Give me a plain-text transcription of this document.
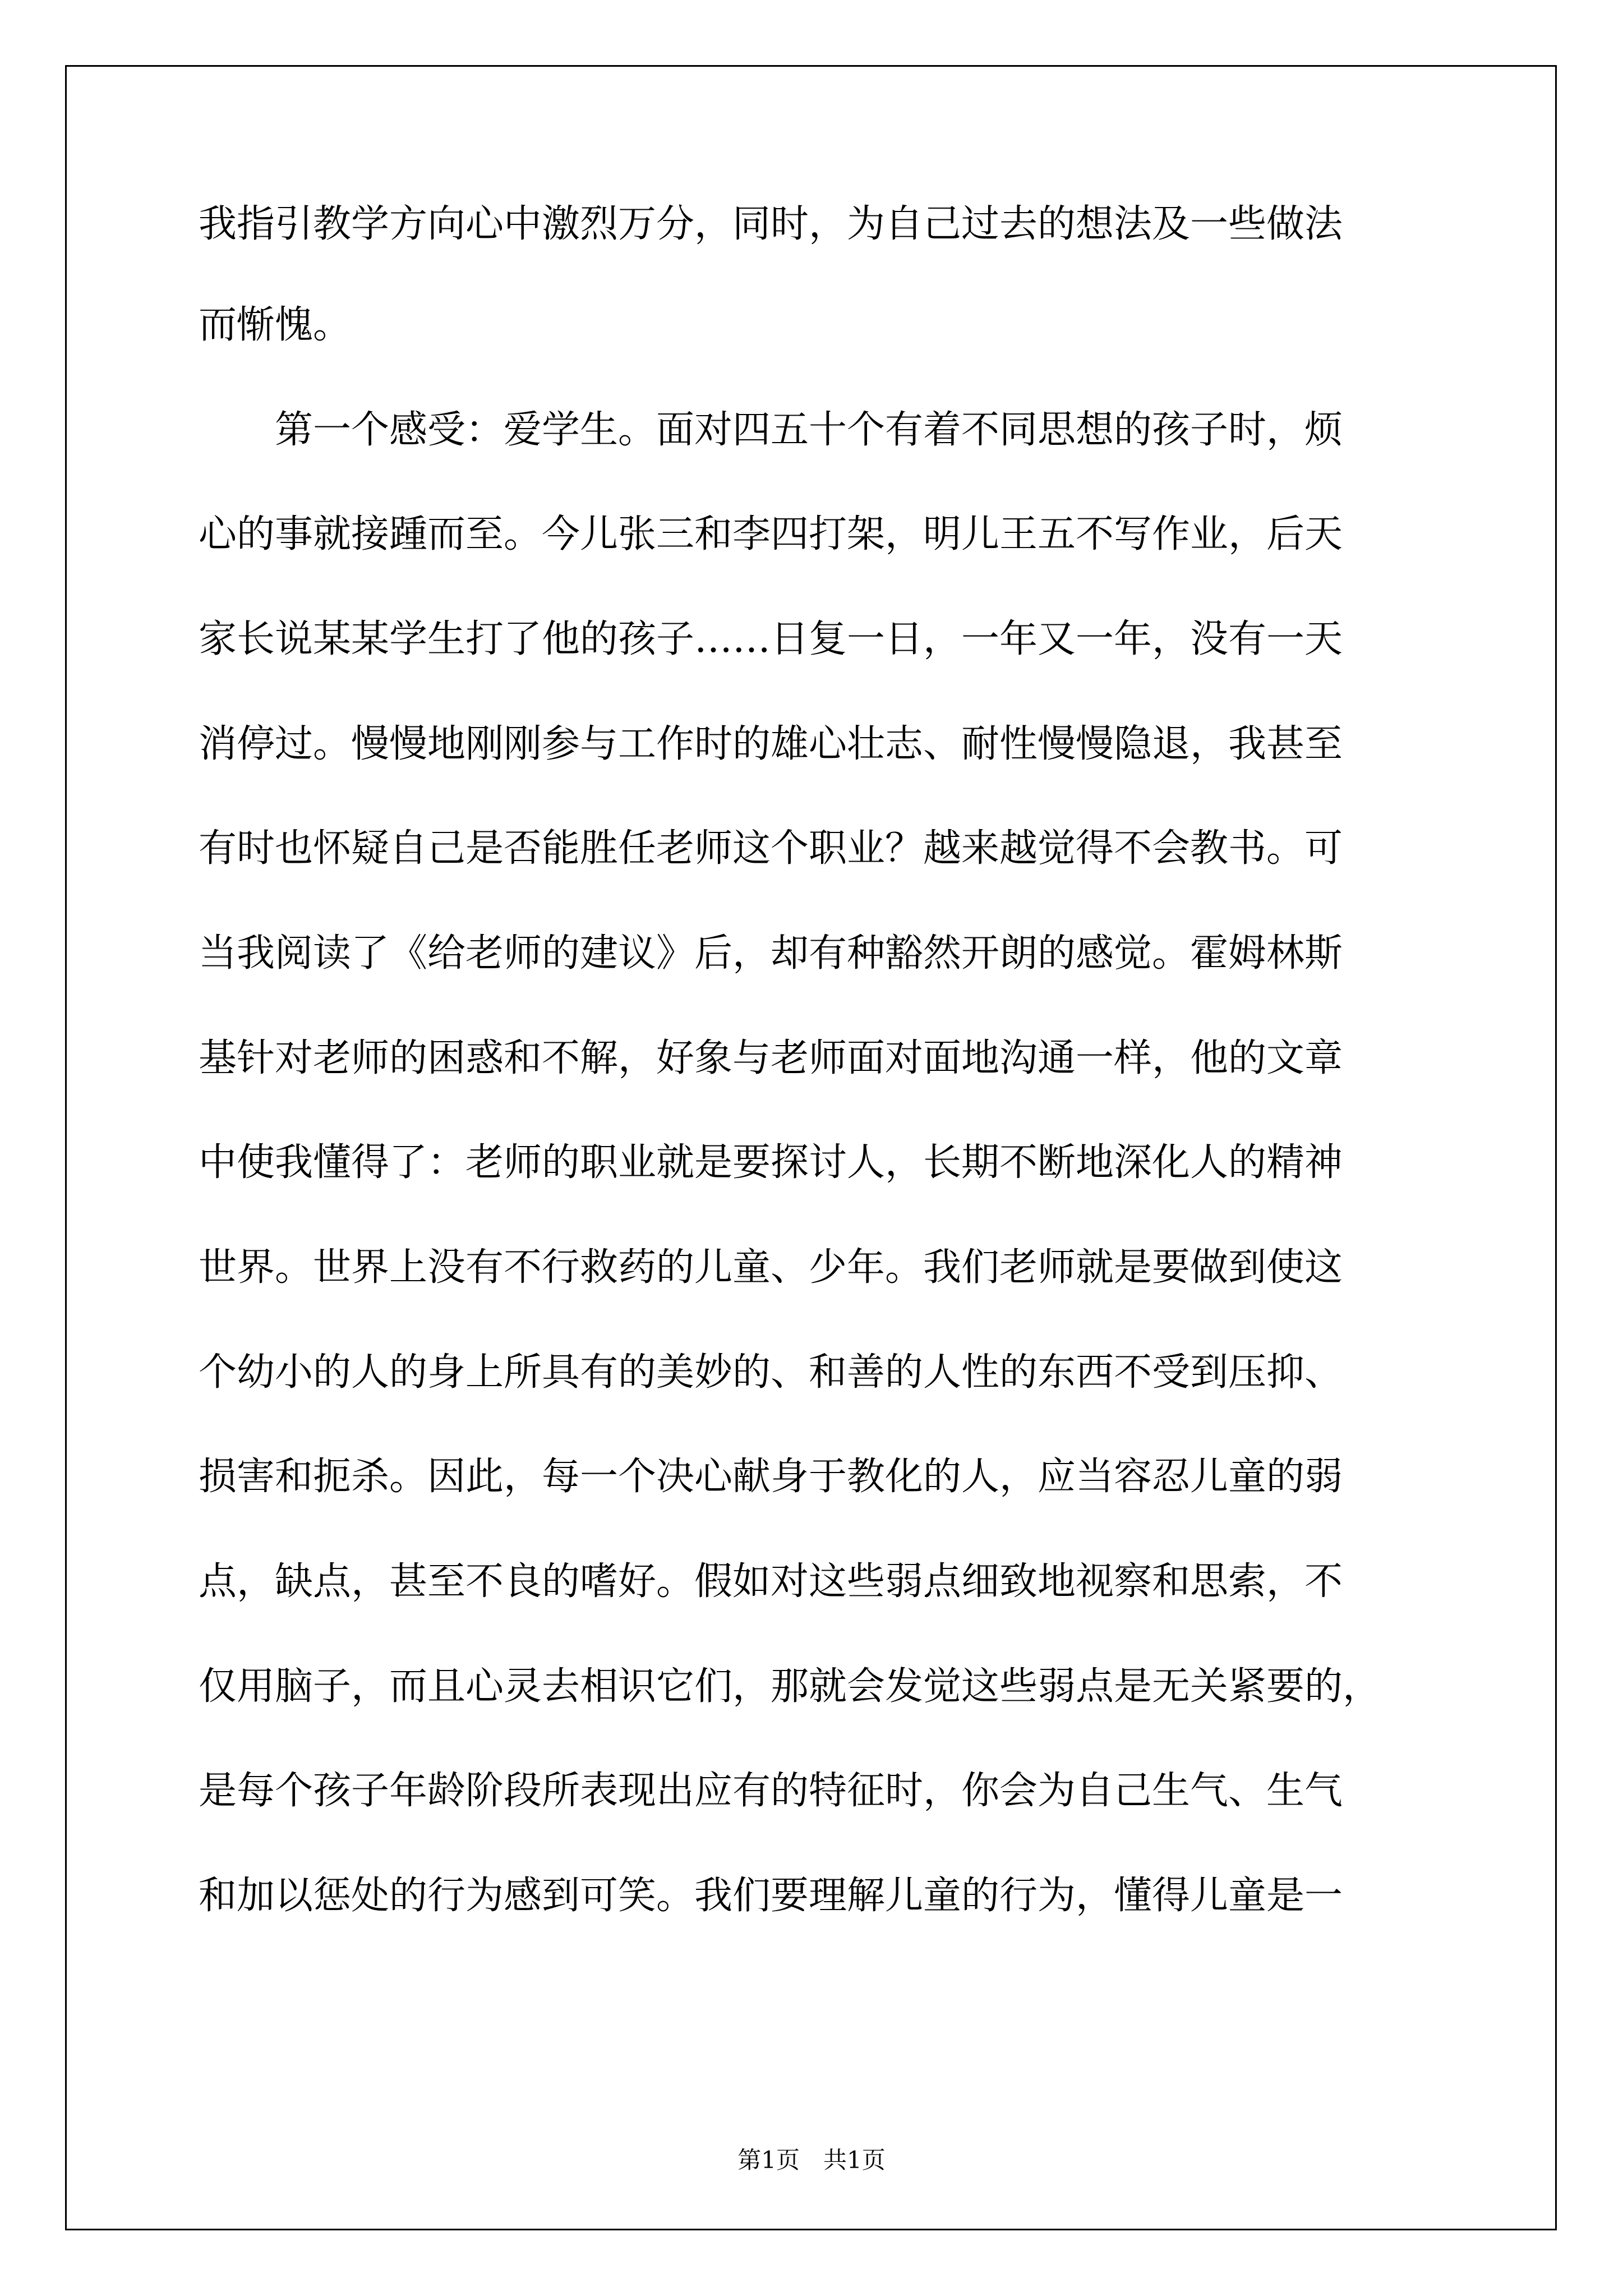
我指引教学方向心中激烈万分，同时，为自己过去的想法及一些做法
而惭愧。
　　第一个感受：爱学生。面对四五十个有着不同思想的孩子时，烦
心的事就接踵而至。今儿张三和李四打架，明儿王五不写作业，后天
家长说某某学生打了他的孩子……日复一日，一年又一年，没有一天
消停过。慢慢地刚刚参与工作时的雄心壮志、耐性慢慢隐退，我甚至
有时也怀疑自己是否能胜任老师这个职业？越来越觉得不会教书。可
当我阅读了《给老师的建议》后，却有种豁然开朗的感觉。霍姆林斯
基针对老师的困惑和不解，好象与老师面对面地沟通一样，他的文章
中使我懂得了：老师的职业就是要探讨人，长期不断地深化人的精神
世界。世界上没有不行救药的儿童、少年。我们老师就是要做到使这
个幼小的人的身上所具有的美妙的、和善的人性的东西不受到压抑、
损害和扼杀。因此，每一个决心献身于教化的人，应当容忍儿童的弱
点，缺点，甚至不良的嗜好。假如对这些弱点细致地视察和思索，不
仅用脑子，而且心灵去相识它们，那就会发觉这些弱点是无关紧要的，
是每个孩子年龄阶段所表现出应有的特征时，你会为自己生气、生气
和加以惩处的行为感到可笑。我们要理解儿童的行为，懂得儿童是一
第1页　共1页
